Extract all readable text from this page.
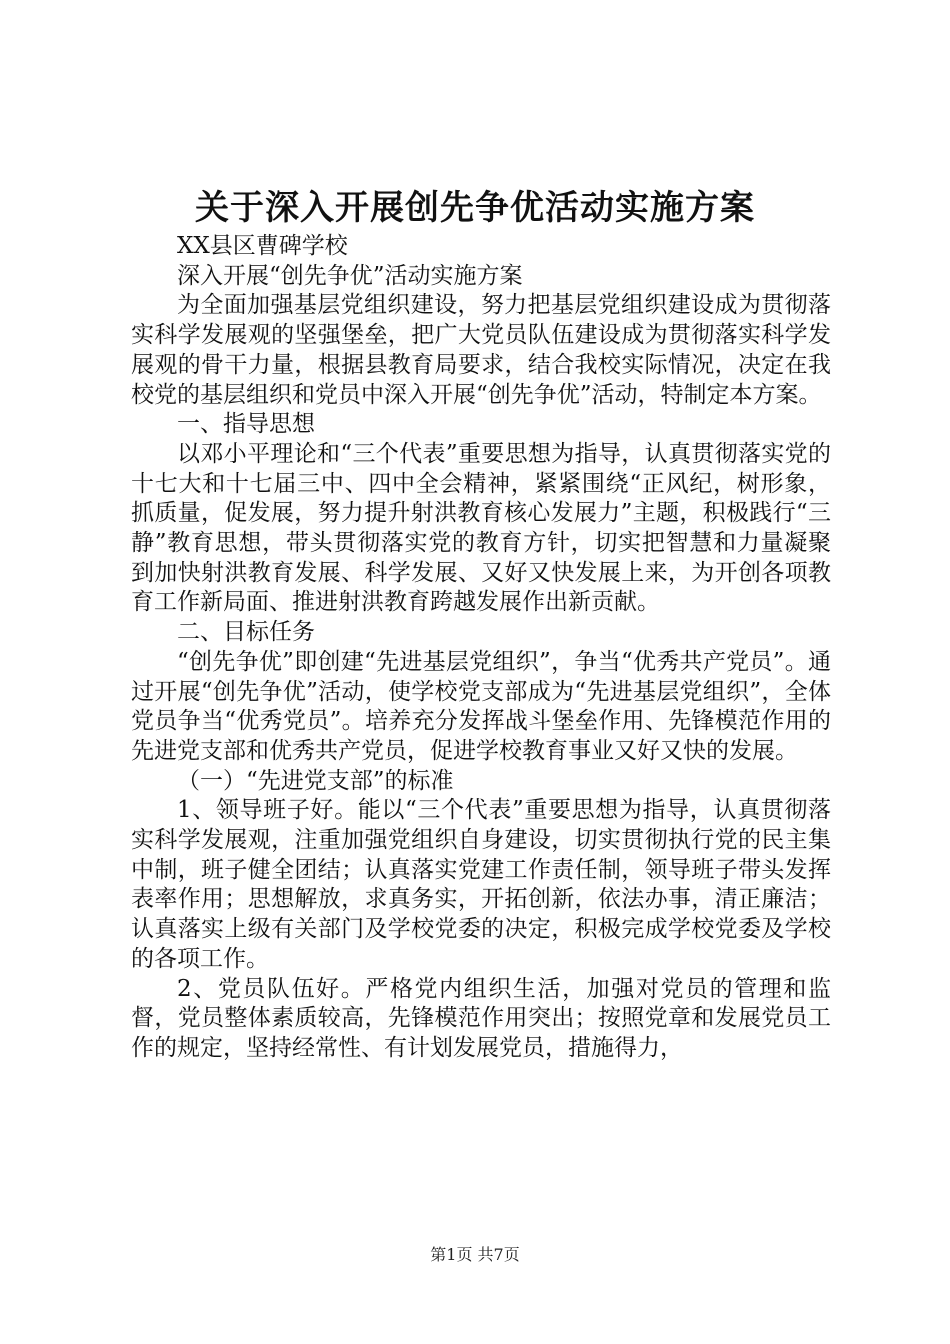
关于深入开展创先争优活动实施方案

XX县区曹碑学校

深入开展“创先争优”活动实施方案

为全面加强基层党组织建设，努力把基层党组织建设成为贯彻落实科学发展观的坚强堡垒，把广大党员队伍建设成为贯彻落实科学发展观的骨干力量，根据县教育局要求，结合我校实际情况，决定在我校党的基层组织和党员中深入开展“创先争优”活动，特制定本方案。

一、指导思想

以邓小平理论和“三个代表”重要思想为指导，认真贯彻落实党的十七大和十七届三中、四中全会精神，紧紧围绕“正风纪，树形象，抓质量，促发展，努力提升射洪教育核心发展力”主题，积极践行“三静”教育思想，带头贯彻落实党的教育方针，切实把智慧和力量凝聚到加快射洪教育发展、科学发展、又好又快发展上来，为开创各项教育工作新局面、推进射洪教育跨越发展作出新贡献。

二、目标任务

“创先争优”即创建“先进基层党组织”，争当“优秀共产党员”。通过开展“创先争优”活动，使学校党支部成为“先进基层党组织”，全体党员争当“优秀党员”。培养充分发挥战斗堡垒作用、先锋模范作用的先进党支部和优秀共产党员，促进学校教育事业又好又快的发展。

（一）“先进党支部”的标准

1、领导班子好。能以“三个代表”重要思想为指导，认真贯彻落实科学发展观，注重加强党组织自身建设，切实贯彻执行党的民主集中制，班子健全团结；认真落实党建工作责任制，领导班子带头发挥表率作用；思想解放，求真务实，开拓创新，依法办事，清正廉洁；认真落实上级有关部门及学校党委的决定，积极完成学校党委及学校的各项工作。

2、党员队伍好。严格党内组织生活，加强对党员的管理和监督，党员整体素质较高，先锋模范作用突出；按照党章和发展党员工作的规定，坚持经常性、有计划发展党员，措施得力，

第1页 共7页
